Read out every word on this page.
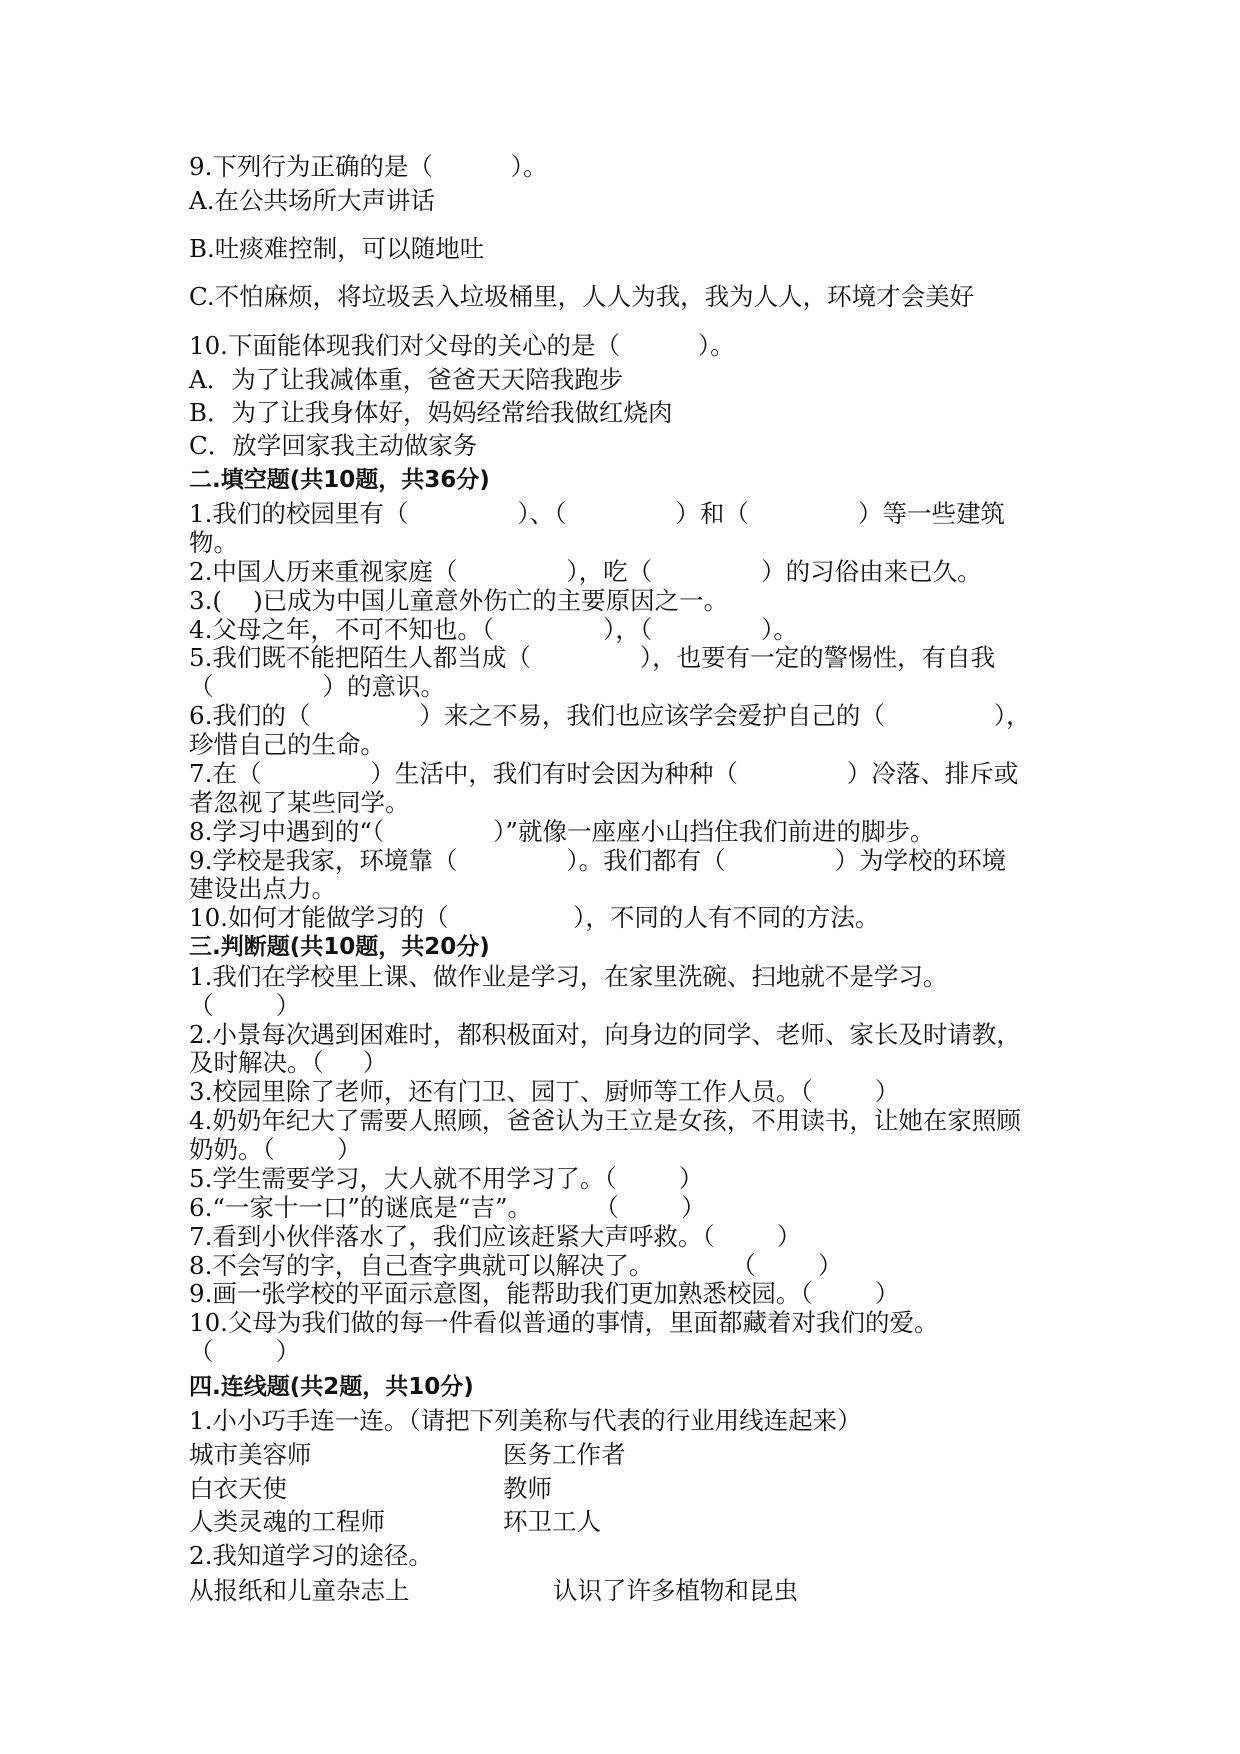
9.下列行为正确的是（          ）。
A.在公共场所大声讲话
B.吐痰难控制，可以随地吐
C.不怕麻烦，将垃圾丢入垃圾桶里，人人为我，我为人人，环境才会美好
10.下面能体现我们对父母的关心的是（          ）。
A．为了让我减体重，爸爸天天陪我跑步
B．为了让我身体好，妈妈经常给我做红烧肉
C．放学回家我主动做家务
二.填空题(共10题，共36分)
1.我们的校园里有（              ）、（              ）和（              ）等一些建筑
物。
2.中国人历来重视家庭（              ），吃（              ）的习俗由来已久。
3.(    )已成为中国儿童意外伤亡的主要原因之一。
4.父母之年，不可不知也。（              ），（              ）。
5.我们既不能把陌生人都当成（              ），也要有一定的警惕性，有自我
（              ）的意识。
6.我们的（              ）来之不易，我们也应该学会爱护自己的（              ），
珍惜自己的生命。
7.在（              ）生活中，我们有时会因为种种（              ）冷落、排斥或
者忽视了某些同学。
8.学习中遇到的“（              ）”就像一座座小山挡住我们前进的脚步。
9.学校是我家，环境靠（              ）。我们都有（              ）为学校的环境
建设出点力。
10.如何才能做学习的（                ），不同的人有不同的方法。
三.判断题(共10题，共20分)
1.我们在学校里上课、做作业是学习，在家里洗碗、扫地就不是学习。
（        ）
2.小景每次遇到困难时，都积极面对，向身边的同学、老师、家长及时请教，
及时解决。（     ）
3.校园里除了老师，还有门卫、园丁、厨师等工作人员。（        ）
4.奶奶年纪大了需要人照顾，爸爸认为王立是女孩，不用读书，让她在家照顾
奶奶。（        ）
5.学生需要学习，大人就不用学习了。（        ）
6.“一家十一口”的谜底是“吉”。        （        ）
7.看到小伙伴落水了，我们应该赶紧大声呼救。（        ）
8.不会写的字，自己查字典就可以解决了。          （        ）
9.画一张学校的平面示意图，能帮助我们更加熟悉校园。（        ）
10.父母为我们做的每一件看似普通的事情，里面都藏着对我们的爱。
（        ）
四.连线题(共2题，共10分)
1.小小巧手连一连。（请把下列美称与代表的行业用线连起来）
城市美容师	医务工作者
白衣天使	教师
人类灵魂的工程师	环卫工人
2.我知道学习的途径。
从报纸和儿童杂志上	认识了许多植物和昆虫
